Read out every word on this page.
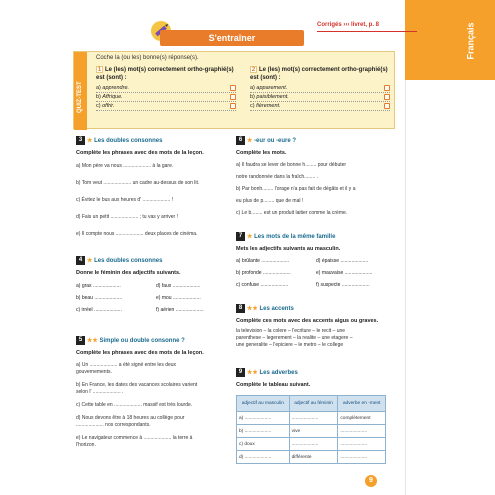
Français
S'entraîner
Corrigés ››› livret, p. 8
QUIZ-TEST
Coche la (ou les) bonne(s) réponse(s).
1 Le (les) mot(s) correctement ortho-graphié(s) est (sont) :
a) apprendre.
b) Affrique.
c) offrir.
2 Le (les) mot(s) correctement ortho-graphié(s) est (sont) :
a) apparement.
b) paisiblement.
c) fièrement.
3 ★ Les doubles consonnes
Complète les phrases avec des mots de la leçon.
a) Mon père va nous .................... à la gare.
b) Tom veut .................... un cadre au-dessus de son lit.
c) Évitez le bus aux heures d' .................... !
d) Fais un petit .................... ; tu vas y arriver !
e) Il compte nous .................... deux places de cinéma.
4 ★ Les doubles consonnes
Donne le féminin des adjectifs suivants.
a) gras ....................	d) faux ....................
b) beau ....................	e) mou ....................
c) irréel ....................	f) aérien ....................
5 ★★ Simple ou double consonne ?
Complète les phrases avec des mots de la leçon.
a) Un .................... a été signé entre les deux
gouvernements.
b) En France, les dates des vacances scolaires varient
selon l' .................... .
c) Cette table en .................... massif est très lourde.
d) Nous devons être à 18 heures au collège pour
.................... nos correspondants.
e) Le navigateur commence à .................... la terre à
l'horizon.
6 ★ -eur ou -eure ?
Complète les mots.
a) Il faudra se lever de bonne h........ pour débuter
notre randonnée dans la fraîch........ .
b) Par bonh........ l'orage n'a pas fait de dégâts et il y a
eu plus de p........ que de mal !
c) Le b........ est un produit laitier comme la crème.
7 ★ Les mots de la même famille
Mets les adjectifs suivants au masculin.
a) brûlante ....................	d) épaisse ....................
b) profonde ....................	e) mauvaise ....................
c) confuse ....................	f) suspecte ....................
8 ★★ Les accents
Complète ces mots avec des accents aigus ou graves.
la television – la colere – l'ecriture – le recit – une
parenthese – legerement – la realite – une etagere –
une generalite – l'epiciere – le metro – le college
9 ★★ Les adverbes
Complète le tableau suivant.
adjectif au masculin	adjectif au féminin	adverbe en -ment
a) ....................	....................	complètement
b) ....................	vive	....................
c) doux	....................	....................
d) ....................	différente	....................
9
